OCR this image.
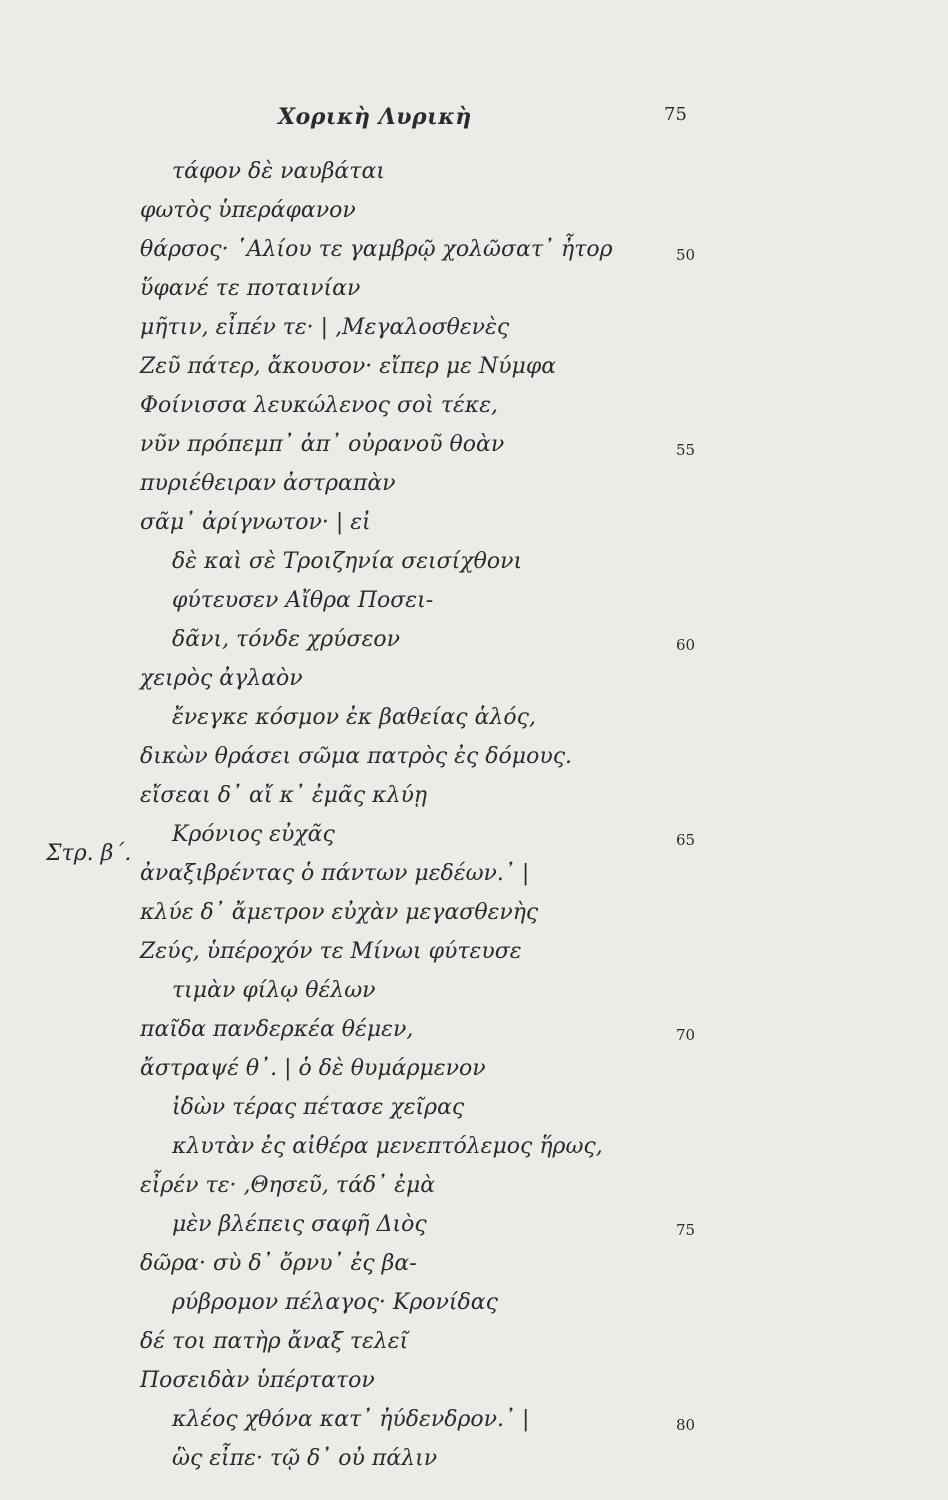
Χορικὴ Λυρικὴ	75
Στρ. β΄.
τάφον δὲ ναυβάται
φωτὸς ὑπεράφανον
θάρσος· ῾Αλίου τε γαμβρῷ χολῶσατ᾿ ἦτορ
ὕφανέ τε ποταινίαν
μῆτιν, εἶπέν τε· | ,Μεγαλοσθενὲς
Ζεῦ πάτερ, ἄκουσον· εἴπερ με Νύμφα
Φοίνισσα λευκώλενος σοὶ τέκε,
νῦν πρόπεμπ᾿ ἀπ᾿ οὐρανοῦ θοὰν
πυριέθειραν ἀστραπὰν
σᾶμ᾿ ἀρίγνωτον· | εἰ
δὲ καὶ σὲ Τροιζηνία σεισίχθονι
φύτευσεν Αἴθρα Ποσει-
δᾶνι, τόνδε χρύσεον
χειρὸς ἀγλαὸν
ἔνεγκε κόσμον ἐκ βαθείας ἁλός,
δικὼν θράσει σῶμα πατρὸς ἐς δόμους.
εἴσεαι δ᾿ αἴ κ᾿ ἐμᾶς κλύῃ
Κρόνιος εὐχᾶς
ἀναξιβρέντας ὁ πάντων μεδέων.᾿ |
κλύε δ᾿ ἄμετρον εὐχὰν μεγασθενὴς
Ζεύς, ὑπέροχόν τε Μίνωι φύτευσε
τιμὰν φίλῳ θέλων
παῖδα πανδερκέα θέμεν,
ἄστραψέ θ᾿. | ὁ δὲ θυμάρμενον
ἰδὼν τέρας πέτασε χεῖρας
κλυτὰν ἐς αἰθέρα μενεπτόλεμος ἥρως,
εἶρέν τε· ,Θησεῦ, τάδ᾿ ἐμὰ
μὲν βλέπεις σαφῆ Διὸς
δῶρα· σὺ δ᾿ ὄρνυ᾿ ἐς βα-
ρύβρομον πέλαγος· Κρονίδας
δέ τοι πατὴρ ἄναξ τελεῖ
Ποσειδὰν ὑπέρτατον
κλέος χθόνα κατ᾿ ἠύδενδρον.᾿ |
ὣς εἶπε· τῷ δ᾿ οὐ πάλιν
50
55
60
65
70
75
80
